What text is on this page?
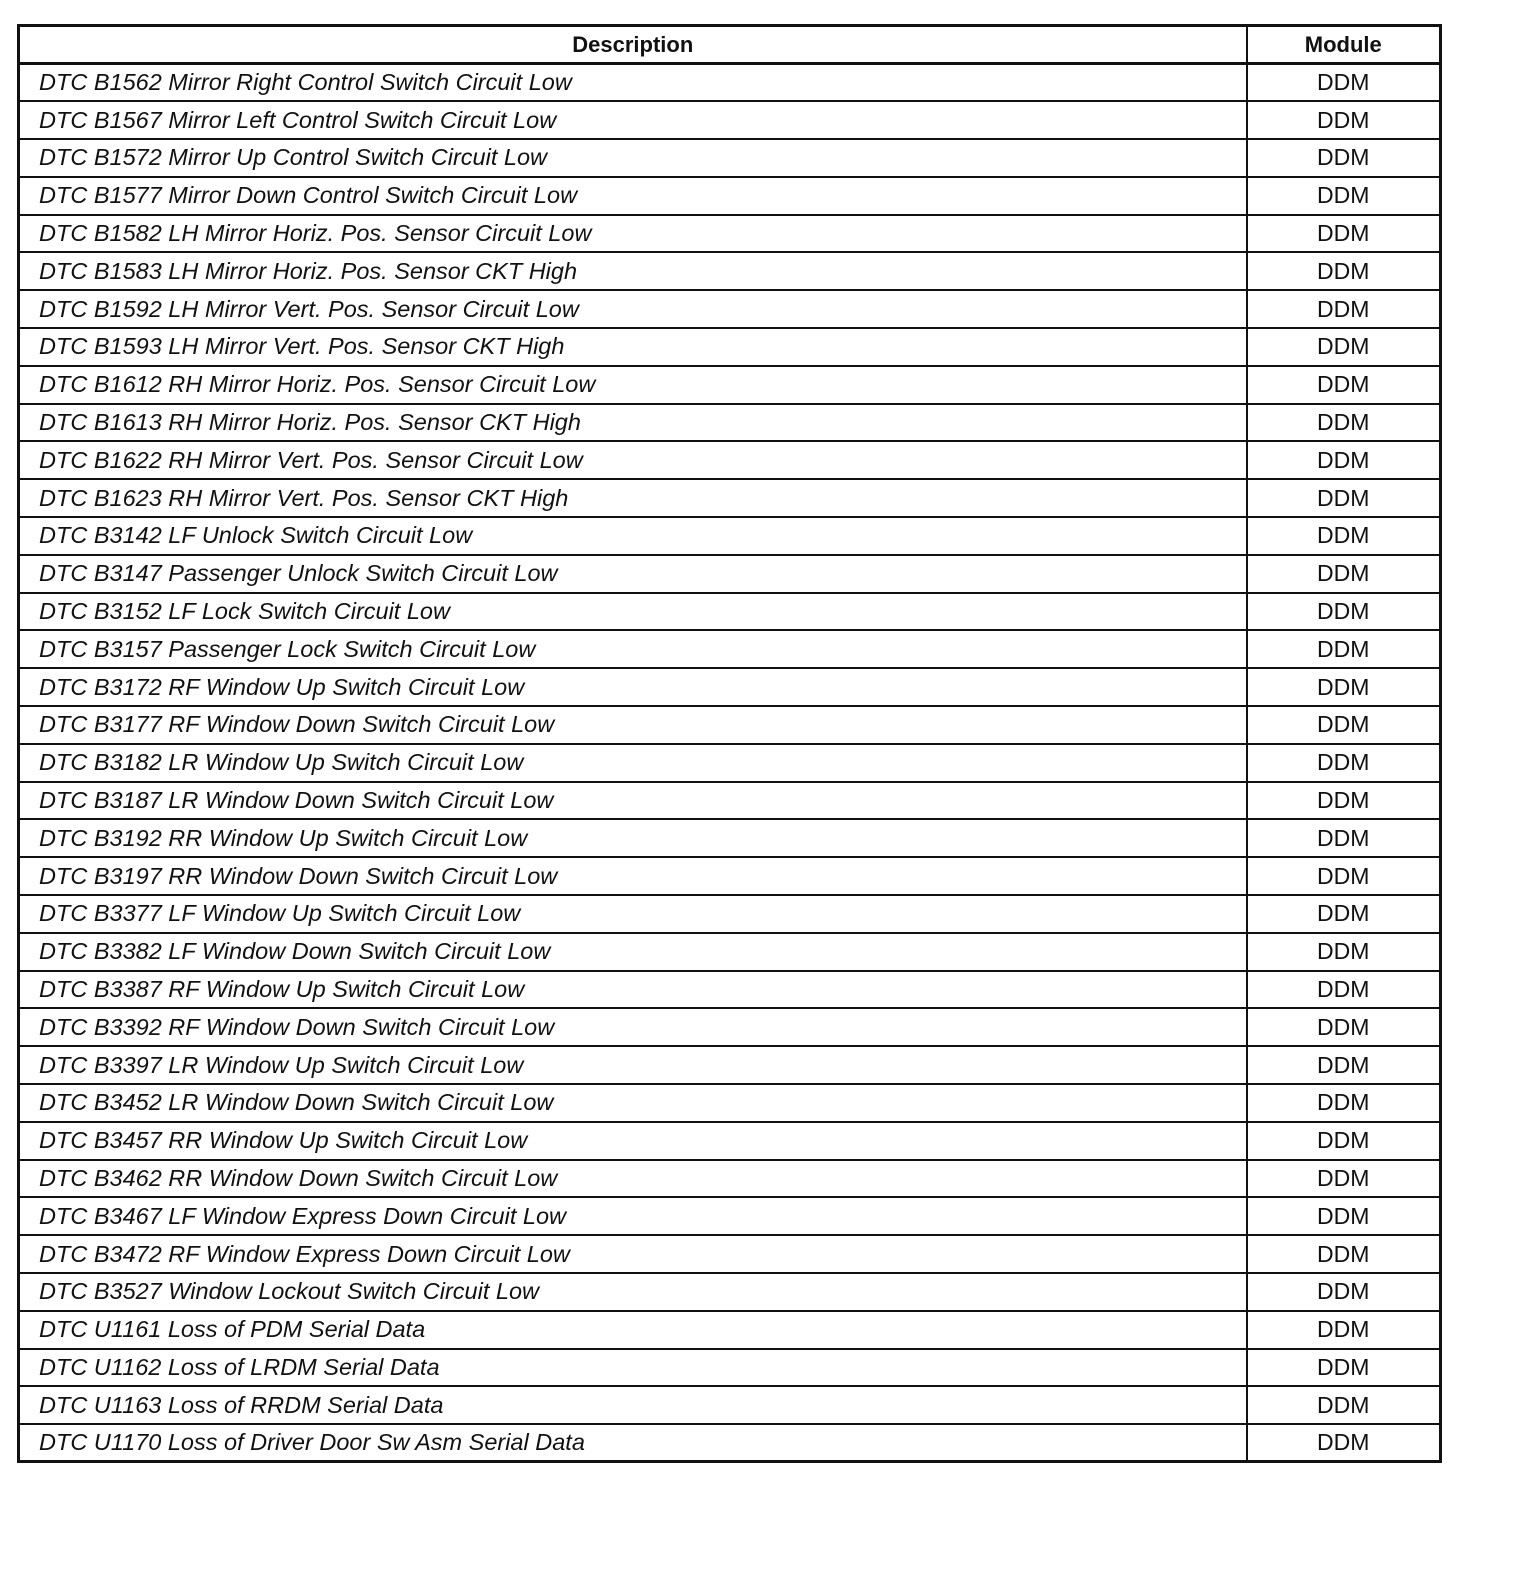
Description	Module
DTC B1562 Mirror Right Control Switch Circuit Low	DDM
DTC B1567 Mirror Left Control Switch Circuit Low	DDM
DTC B1572 Mirror Up Control Switch Circuit Low	DDM
DTC B1577 Mirror Down Control Switch Circuit Low	DDM
DTC B1582 LH Mirror Horiz. Pos. Sensor Circuit Low	DDM
DTC B1583 LH Mirror Horiz. Pos. Sensor CKT High	DDM
DTC B1592 LH Mirror Vert. Pos. Sensor Circuit Low	DDM
DTC B1593 LH Mirror Vert. Pos. Sensor CKT High	DDM
DTC B1612 RH Mirror Horiz. Pos. Sensor Circuit Low	DDM
DTC B1613 RH Mirror Horiz. Pos. Sensor CKT High	DDM
DTC B1622 RH Mirror Vert. Pos. Sensor Circuit Low	DDM
DTC B1623 RH Mirror Vert. Pos. Sensor CKT High	DDM
DTC B3142 LF Unlock Switch Circuit Low	DDM
DTC B3147 Passenger Unlock Switch Circuit Low	DDM
DTC B3152 LF Lock Switch Circuit Low	DDM
DTC B3157 Passenger Lock Switch Circuit Low	DDM
DTC B3172 RF Window Up Switch Circuit Low	DDM
DTC B3177 RF Window Down Switch Circuit Low	DDM
DTC B3182 LR Window Up Switch Circuit Low	DDM
DTC B3187 LR Window Down Switch Circuit Low	DDM
DTC B3192 RR Window Up Switch Circuit Low	DDM
DTC B3197 RR Window Down Switch Circuit Low	DDM
DTC B3377 LF Window Up Switch Circuit Low	DDM
DTC B3382 LF Window Down Switch Circuit Low	DDM
DTC B3387 RF Window Up Switch Circuit Low	DDM
DTC B3392 RF Window Down Switch Circuit Low	DDM
DTC B3397 LR Window Up Switch Circuit Low	DDM
DTC B3452 LR Window Down Switch Circuit Low	DDM
DTC B3457 RR Window Up Switch Circuit Low	DDM
DTC B3462 RR Window Down Switch Circuit Low	DDM
DTC B3467 LF Window Express Down Circuit Low	DDM
DTC B3472 RF Window Express Down Circuit Low	DDM
DTC B3527 Window Lockout Switch Circuit Low	DDM
DTC U1161 Loss of PDM Serial Data	DDM
DTC U1162 Loss of LRDM Serial Data	DDM
DTC U1163 Loss of RRDM Serial Data	DDM
DTC U1170 Loss of Driver Door Sw Asm Serial Data	DDM
